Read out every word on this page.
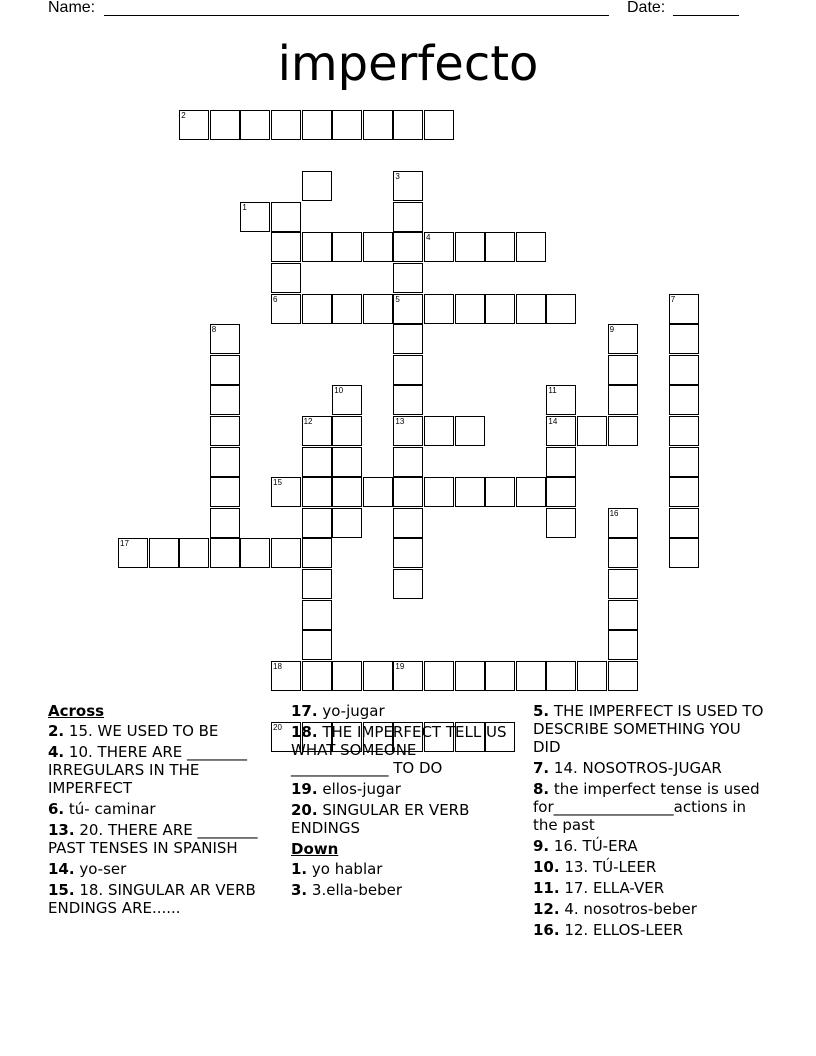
Name:	Date:
imperfecto
1
6
2
3
5
4
13
7
8	9
10	11
14
12
15
16
17
18	19
20
Across
2. 15. WE USED TO BE
4. 10. THERE ARE ________ IRREGULARS IN THE IMPERFECT
6. tú- caminar
13. 20. THERE ARE ________ PAST TENSES IN SPANISH
14. yo-ser
15. 18. SINGULAR AR VERB ENDINGS ARE......
17. yo-jugar
18. THE IMPERFECT TELL US WHAT SOMEONE _____________ TO DO
19. ellos-jugar
20. SINGULAR ER VERB ENDINGS
Down
1. yo hablar
3. 3.ella-beber
5. THE IMPERFECT IS USED TO DESCRIBE SOMETHING YOU DID
7. 14. NOSOTROS-JUGAR
8. the imperfect tense is used for________________actions in the past
9. 16. TÚ-ERA
10. 13. TÚ-LEER
11. 17. ELLA-VER
12. 4. nosotros-beber
16. 12. ELLOS-LEER
